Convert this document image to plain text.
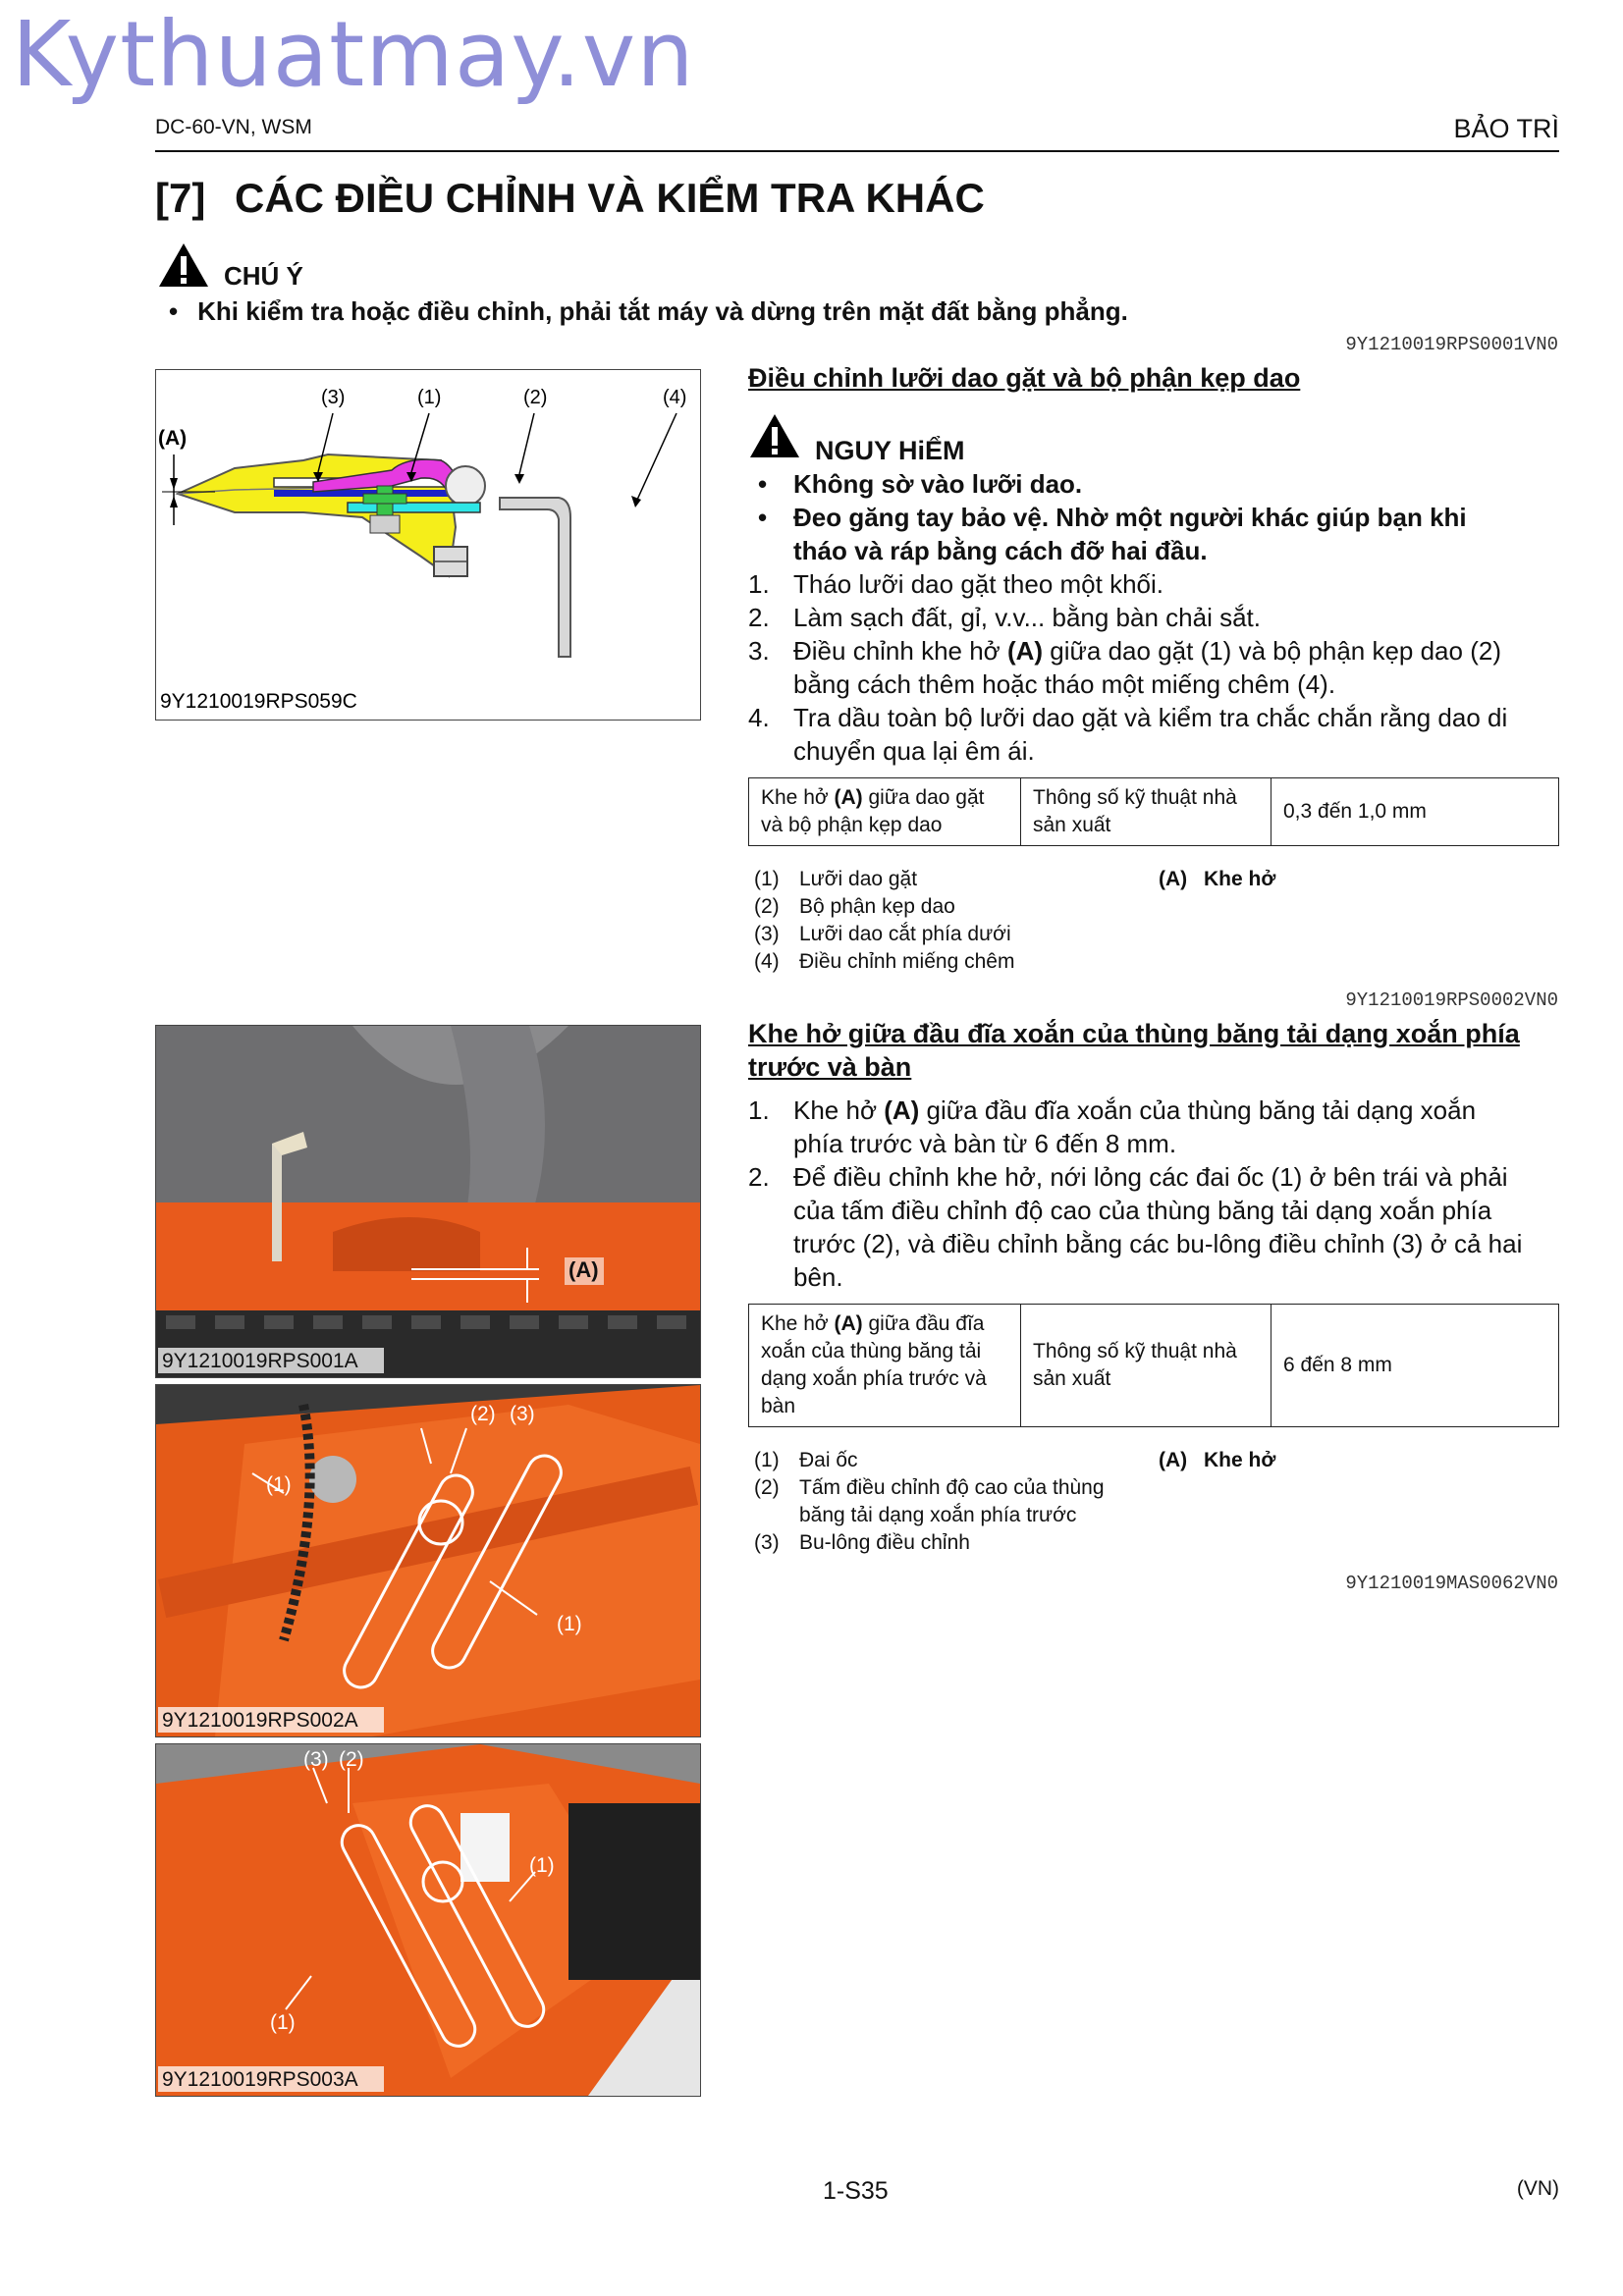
Kythuatmay.vn
DC-60-VN, WSM	BẢO TRÌ
[7] CÁC ĐIỀU CHỈNH VÀ KIỂM TRA KHÁC
CHÚ Ý
• Khi kiểm tra hoặc điều chỉnh, phải tắt máy và dừng trên mặt đất bằng phẳng.
9Y1210019RPS0001VN0
(3)	(1)	(2)	(4)
(A)
9Y1210019RPS059C
Điều chỉnh lưỡi dao gặt và bộ phận kẹp dao
NGUY HiỂM
• Không sờ vào lưỡi dao.
• Đeo găng tay bảo vệ. Nhờ một người khác giúp bạn khi
tháo và ráp bằng cách đỡ hai đầu.
1. Tháo lưỡi dao gặt theo một khối.
2. Làm sạch đất, gỉ, v.v... bằng bàn chải sắt.
3. Điều chỉnh khe hở (A) giữa dao gặt (1) và bộ phận kẹp dao (2)
bằng cách thêm hoặc tháo một miếng chêm (4).
4. Tra dầu toàn bộ lưỡi dao gặt và kiểm tra chắc chắn rằng dao di
chuyển qua lại êm ái.
Khe hở (A) giữa dao gặt
và bộ phận kẹp dao	Thông số kỹ thuật nhà
sản xuất	0,3 đến 1,0 mm
(1) Lưỡi dao gặt
(2) Bộ phận kẹp dao
(3) Lưỡi dao cắt phía dưới
(4) Điều chỉnh miếng chêm
(A) Khe hở
9Y1210019RPS0002VN0
Khe hở giữa đầu đĩa xoắn của thùng băng tải dạng xoắn phía
trước và bàn
1. Khe hở (A) giữa đầu đĩa xoắn của thùng băng tải dạng xoắn
phía trước và bàn từ 6 đến 8 mm.
2. Để điều chỉnh khe hở, nới lỏng các đai ốc (1) ở bên trái và phải
của tấm điều chỉnh độ cao của thùng băng tải dạng xoắn phía
trước (2), và điều chỉnh bằng các bu-lông điều chỉnh (3) ở cả hai
bên.
Khe hở (A) giữa đầu đĩa
xoắn của thùng băng tải
dạng xoắn phía trước và
bàn	Thông số kỹ thuật nhà
sản xuất	6 đến 8 mm
(1) Đai ốc
(2) Tấm điều chỉnh độ cao của thùng
băng tải dạng xoắn phía trước
(3) Bu-lông điều chỉnh
(A) Khe hở
9Y1210019MAS0062VN0
(A)
9Y1210019RPS001A
(1)
(2) (3)
(1)
9Y1210019RPS002A
(3) (2)
(1)
(1)
9Y1210019RPS003A
1-S35	(VN)
